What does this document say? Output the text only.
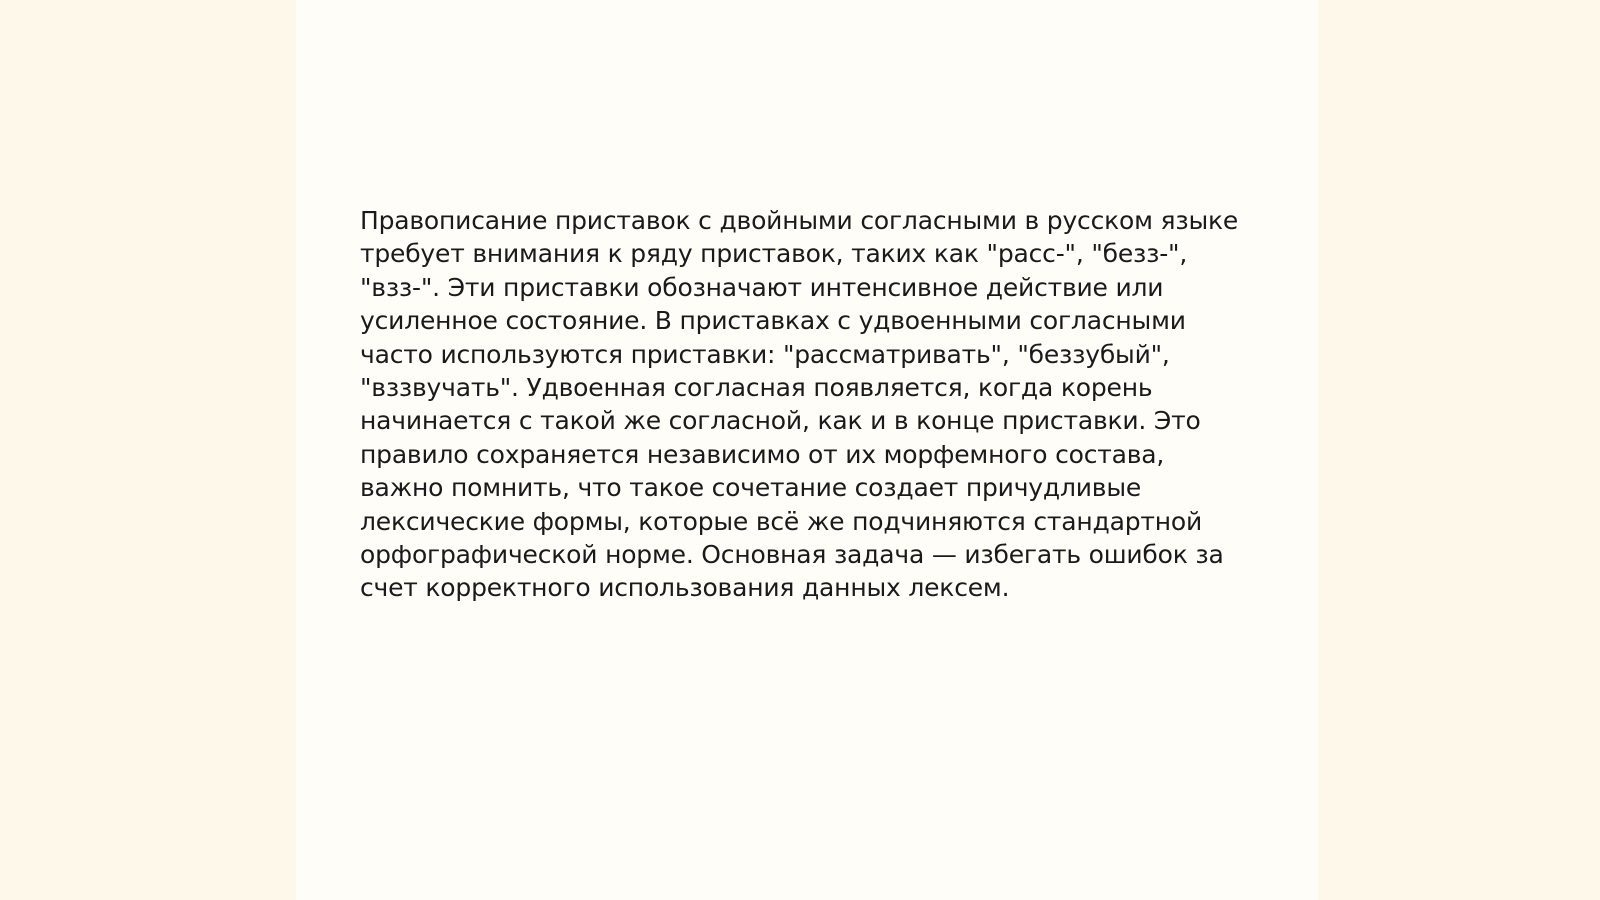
Правописание приставок с двойными согласными в русском языке требует внимания к ряду приставок, таких как "расс-", "безз-", "взз-". Эти приставки обозначают интенсивное действие или усиленное состояние. В приставках с удвоенными согласными часто используются приставки: "рассматривать", "беззубый", "вззвучать". Удвоенная согласная появляется, когда корень начинается с такой же согласной, как и в конце приставки. Это правило сохраняется независимо от их морфемного состава, важно помнить, что такое сочетание создает причудливые лексические формы, которые всё же подчиняются стандартной орфографической норме. Основная задача — избегать ошибок за счет корректного использования данных лексем.
